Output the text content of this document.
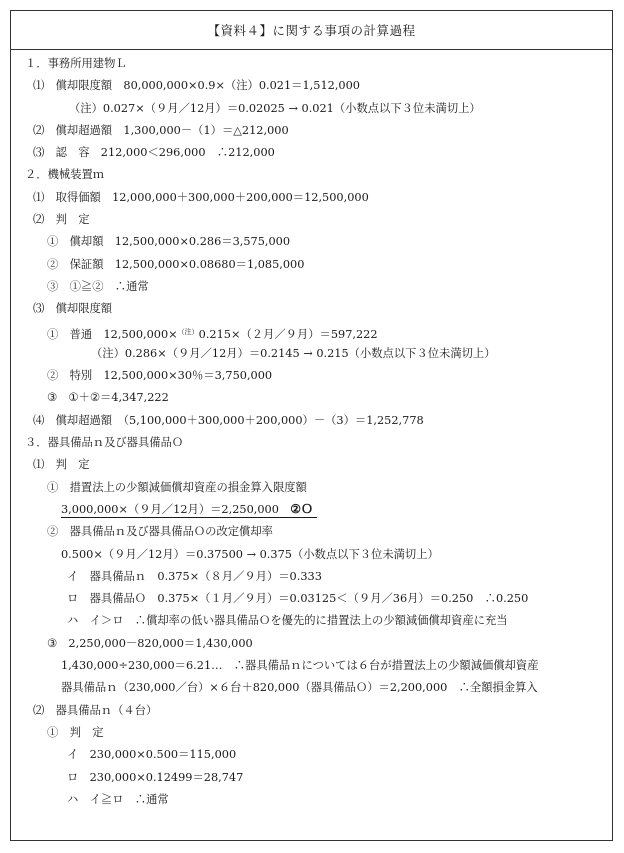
【資料４】に関する事項の計算過程
１．事務所用建物Ｌ
⑴　償却限度額　80,000,000×0.9×（注）0.021＝1,512,000
（注）0.027×（９月／12月）＝0.02025 → 0.021（小数点以下３位未満切上）
⑵　償却超過額　1,300,000－（1）＝△212,000
⑶　認　容　212,000＜296,000　∴212,000
２．機械装置ｍ
⑴　取得価額　12,000,000＋300,000＋200,000＝12,500,000
⑵　判　定
①　償却額　12,500,000×0.286＝3,575,000
②　保証額　12,500,000×0.08680＝1,085,000
③　①≧②　∴通常
⑶　償却限度額
①　普通　12,500,000×$^{(注)}$0.215×（２月／９月）＝597,222
（注）0.286×（９月／12月）＝0.2145 → 0.215（小数点以下３位未満切上）
②　特別　12,500,000×30％＝3,750,000
③　①＋②＝4,347,222
⑷　償却超過額　（5,100,000＋300,000＋200,000）－（3）＝1,252,778
３．器具備品ｎ及び器具備品Ｏ
⑴　判　定
①　措置法上の少額減価償却資産の損金算入限度額
3,000,000×（９月／12月）＝2,250,000　 ②Ｏ
②　器具備品ｎ及び器具備品Ｏの改定償却率
0.500×（９月／12月）＝0.37500 → 0.375（小数点以下３位未満切上）
イ　器具備品ｎ　0.375×（８月／９月）＝0.333
ロ　器具備品Ｏ　0.375×（１月／９月）＝0.03125＜（９月／36月）＝0.250　∴0.250
ハ　イ＞ロ　∴償却率の低い器具備品Ｏを優先的に措置法上の少額減価償却資産に充当
③　2,250,000－820,000＝1,430,000
1,430,000÷230,000＝6.21…　∴器具備品ｎについては６台が措置法上の少額減価償却資産
器具備品ｎ（230,000／台）×６台＋820,000（器具備品Ｏ）＝2,200,000　∴全額損金算入
⑵　器具備品ｎ（４台）
①　判　定
イ　230,000×0.500＝115,000
ロ　230,000×0.12499＝28,747
ハ　イ≧ロ　∴通常
